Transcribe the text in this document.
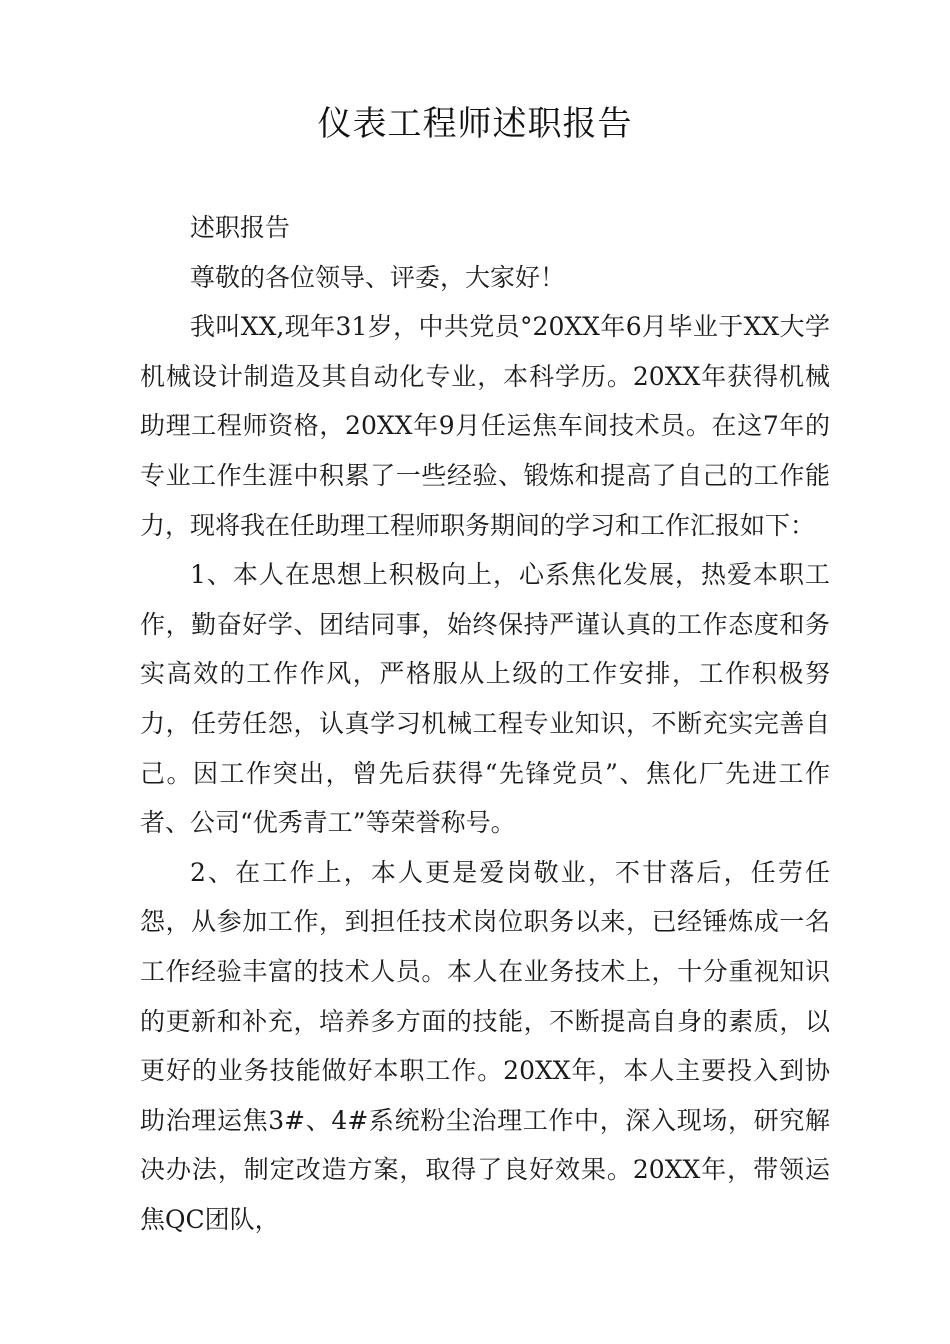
仪表工程师述职报告

述职报告

尊敬的各位领导、评委，大家好！

我叫XX,现年31岁，中共党员°20XX年6月毕业于XX大学机械设计制造及其自动化专业，本科学历。20XX年获得机械助理工程师资格，20XX年9月任运焦车间技术员。在这7年的专业工作生涯中积累了一些经验、锻炼和提高了自己的工作能力，现将我在任助理工程师职务期间的学习和工作汇报如下：

1、本人在思想上积极向上，心系焦化发展，热爱本职工作，勤奋好学、团结同事，始终保持严谨认真的工作态度和务实高效的工作作风，严格服从上级的工作安排，工作积极努力，任劳任怨，认真学习机械工程专业知识，不断充实完善自己。因工作突出，曾先后获得“先锋党员”、焦化厂先进工作者、公司“优秀青工”等荣誉称号。

2、在工作上，本人更是爱岗敬业，不甘落后，任劳任怨，从参加工作，到担任技术岗位职务以来，已经锤炼成一名工作经验丰富的技术人员。本人在业务技术上，十分重视知识的更新和补充，培养多方面的技能，不断提高自身的素质，以更好的业务技能做好本职工作。20XX年，本人主要投入到协助治理运焦3#、4#系统粉尘治理工作中，深入现场，研究解决办法，制定改造方案，取得了良好效果。20XX年，带领运焦QC团队，
